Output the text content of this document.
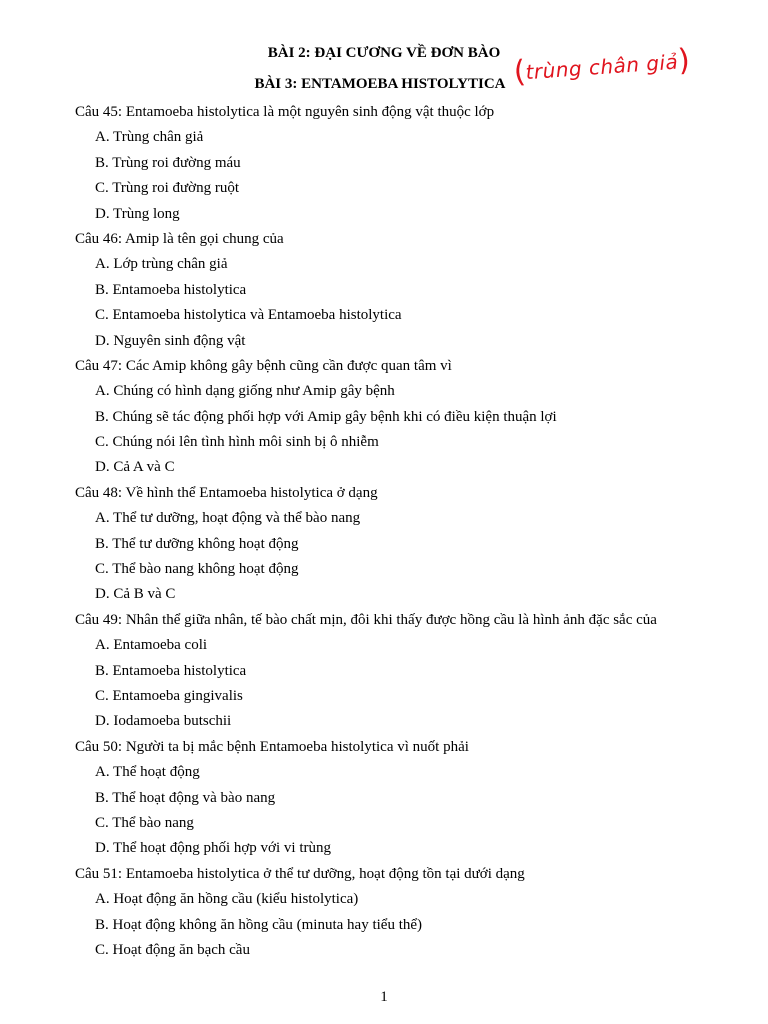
BÀI 2: ĐẠI CƯƠNG VỀ ĐƠN BÀO
BÀI 3: ENTAMOEBA HISTOLYTICA (trùng chân giả)
Câu 45: Entamoeba histolytica là một nguyên sinh động vật thuộc lớp
A. Trùng chân giả
B. Trùng roi đường máu
C. Trùng roi đường ruột
D. Trùng long
Câu 46: Amip là tên gọi chung của
A. Lớp trùng chân giả
B. Entamoeba histolytica
C. Entamoeba histolytica và Entamoeba histolytica
D. Nguyên sinh động vật
Câu 47: Các Amip không gây bệnh cũng cần được quan tâm vì
A. Chúng có hình dạng giống như Amip gây bệnh
B. Chúng sẽ tác động phối hợp với Amip gây bệnh khi có điều kiện thuận lợi
C. Chúng nói lên tình hình môi sinh bị ô nhiễm
D. Cả A và C
Câu 48: Về hình thể Entamoeba histolytica ở dạng
A. Thể tư dưỡng, hoạt động và thể bào nang
B. Thể tư dưỡng không hoạt động
C. Thể bào nang không hoạt động
D. Cả B và C
Câu 49: Nhân thể giữa nhân, tế bào chất mịn, đôi khi thấy được hồng cầu là hình ảnh đặc sắc của
A. Entamoeba coli
B. Entamoeba histolytica
C. Entamoeba gingivalis
D. Iodamoeba butschii
Câu 50: Người ta bị mắc bệnh Entamoeba histolytica vì nuốt phải
A. Thể hoạt động
B. Thể hoạt động và bào nang
C. Thể bào nang
D. Thể hoạt động phối hợp với vi trùng
Câu 51: Entamoeba histolytica ở thể tư dưỡng, hoạt động tồn tại dưới dạng
A. Hoạt động ăn hồng cầu (kiểu histolytica)
B. Hoạt động không ăn hồng cầu (minuta hay tiểu thể)
C. Hoạt động ăn bạch cầu
1
